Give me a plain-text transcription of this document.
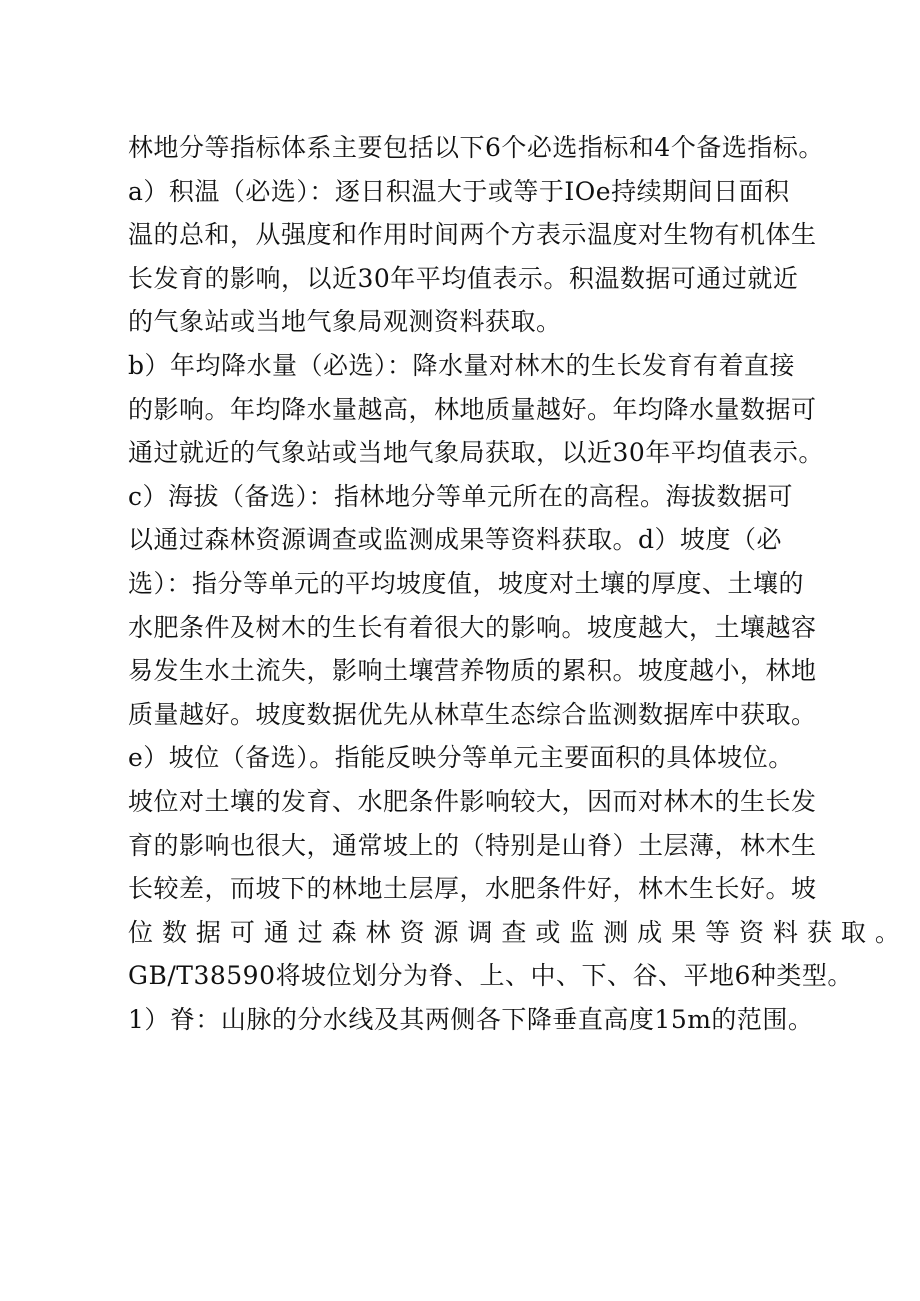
林地分等指标体系主要包括以下6个必选指标和4个备选指标。
a）积温（必选）：逐日积温大于或等于IOe持续期间日面积
温的总和，从强度和作用时间两个方表示温度对生物有机体生
长发育的影响，以近30年平均值表示。积温数据可通过就近
的气象站或当地气象局观测资料获取。
b）年均降水量（必选）：降水量对林木的生长发育有着直接
的影响。年均降水量越高，林地质量越好。年均降水量数据可
通过就近的气象站或当地气象局获取，以近30年平均值表示。
c）海拔（备选）：指林地分等单元所在的高程。海拔数据可
以通过森林资源调查或监测成果等资料获取。d）坡度（必
选）：指分等单元的平均坡度值，坡度对土壤的厚度、土壤的
水肥条件及树木的生长有着很大的影响。坡度越大，土壤越容
易发生水土流失，影响土壤营养物质的累积。坡度越小，林地
质量越好。坡度数据优先从林草生态综合监测数据库中获取。
e）坡位（备选）。指能反映分等单元主要面积的具体坡位。
坡位对土壤的发育、水肥条件影响较大，因而对林木的生长发
育的影响也很大，通常坡上的（特别是山脊）土层薄，林木生
长较差，而坡下的林地土层厚，水肥条件好，林木生长好。坡
位 数 据 可 通 过 森 林 资 源 调 查 或 监 测 成 果 等 资 料 获 取 。
GB/T38590将坡位划分为脊、上、中、下、谷、平地6种类型。
1）脊：山脉的分水线及其两侧各下降垂直高度15m的范围。
